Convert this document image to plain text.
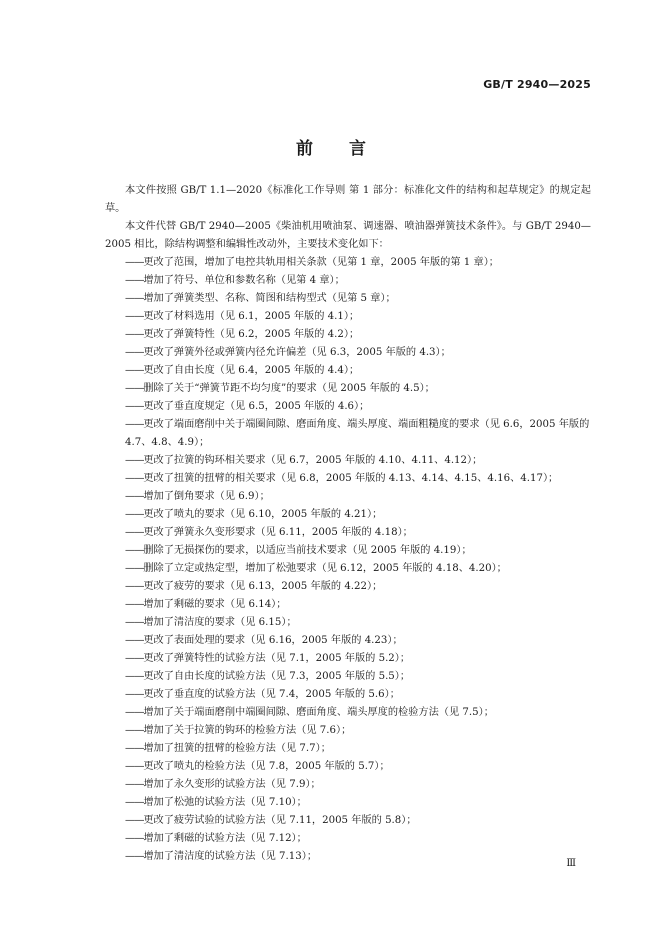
GB/T 2940—2025
前言

本文件按照 GB/T 1.1—2020《标准化工作导则 第 1 部分：标准化文件的结构和起草规定》的规定起草。

本文件代替 GB/T 2940—2005《柴油机用喷油泵、调速器、喷油器弹簧技术条件》。与 GB/T 2940—2005 相比，除结构调整和编辑性改动外，主要技术变化如下：

——更改了范围，增加了电控共轨用相关条款（见第 1 章，2005 年版的第 1 章）；

——增加了符号、单位和参数名称（见第 4 章）；

——增加了弹簧类型、名称、简图和结构型式（见第 5 章）；

——更改了材料选用（见 6.1，2005 年版的 4.1）；

——更改了弹簧特性（见 6.2，2005 年版的 4.2）；

——更改了弹簧外径或弹簧内径允许偏差（见 6.3，2005 年版的 4.3）；

——更改了自由长度（见 6.4，2005 年版的 4.4）；

——删除了关于“弹簧节距不均匀度”的要求（见 2005 年版的 4.5）；

——更改了垂直度规定（见 6.5，2005 年版的 4.6）；

——更改了端面磨削中关于端圈间隙、磨面角度、端头厚度、端面粗糙度的要求（见 6.6，2005 年版的 4.7、4.8、4.9）；

——更改了拉簧的钩环相关要求（见 6.7，2005 年版的 4.10、4.11、4.12）；

——更改了扭簧的扭臂的相关要求（见 6.8，2005 年版的 4.13、4.14、4.15、4.16、4.17）；

——增加了倒角要求（见 6.9）；

——更改了喷丸的要求（见 6.10，2005 年版的 4.21）；

——更改了弹簧永久变形要求（见 6.11，2005 年版的 4.18）；

——删除了无损探伤的要求，以适应当前技术要求（见 2005 年版的 4.19）；

——删除了立定或热定型，增加了松弛要求（见 6.12，2005 年版的 4.18、4.20）；

——更改了疲劳的要求（见 6.13，2005 年版的 4.22）；

——增加了剩磁的要求（见 6.14）；

——增加了清洁度的要求（见 6.15）；

——更改了表面处理的要求（见 6.16，2005 年版的 4.23）；

——更改了弹簧特性的试验方法（见 7.1，2005 年版的 5.2）；

——更改了自由长度的试验方法（见 7.3，2005 年版的 5.5）；

——更改了垂直度的试验方法（见 7.4，2005 年版的 5.6）；

——增加了关于端面磨削中端圈间隙、磨面角度、端头厚度的检验方法（见 7.5）；

——增加了关于拉簧的钩环的检验方法（见 7.6）；

——增加了扭簧的扭臂的检验方法（见 7.7）；

——更改了喷丸的检验方法（见 7.8，2005 年版的 5.7）；

——增加了永久变形的试验方法（见 7.9）；

——增加了松弛的试验方法（见 7.10）；

——更改了疲劳试验的试验方法（见 7.11，2005 年版的 5.8）；

——增加了剩磁的试验方法（见 7.12）；

——增加了清洁度的试验方法（见 7.13）；

Ⅲ
